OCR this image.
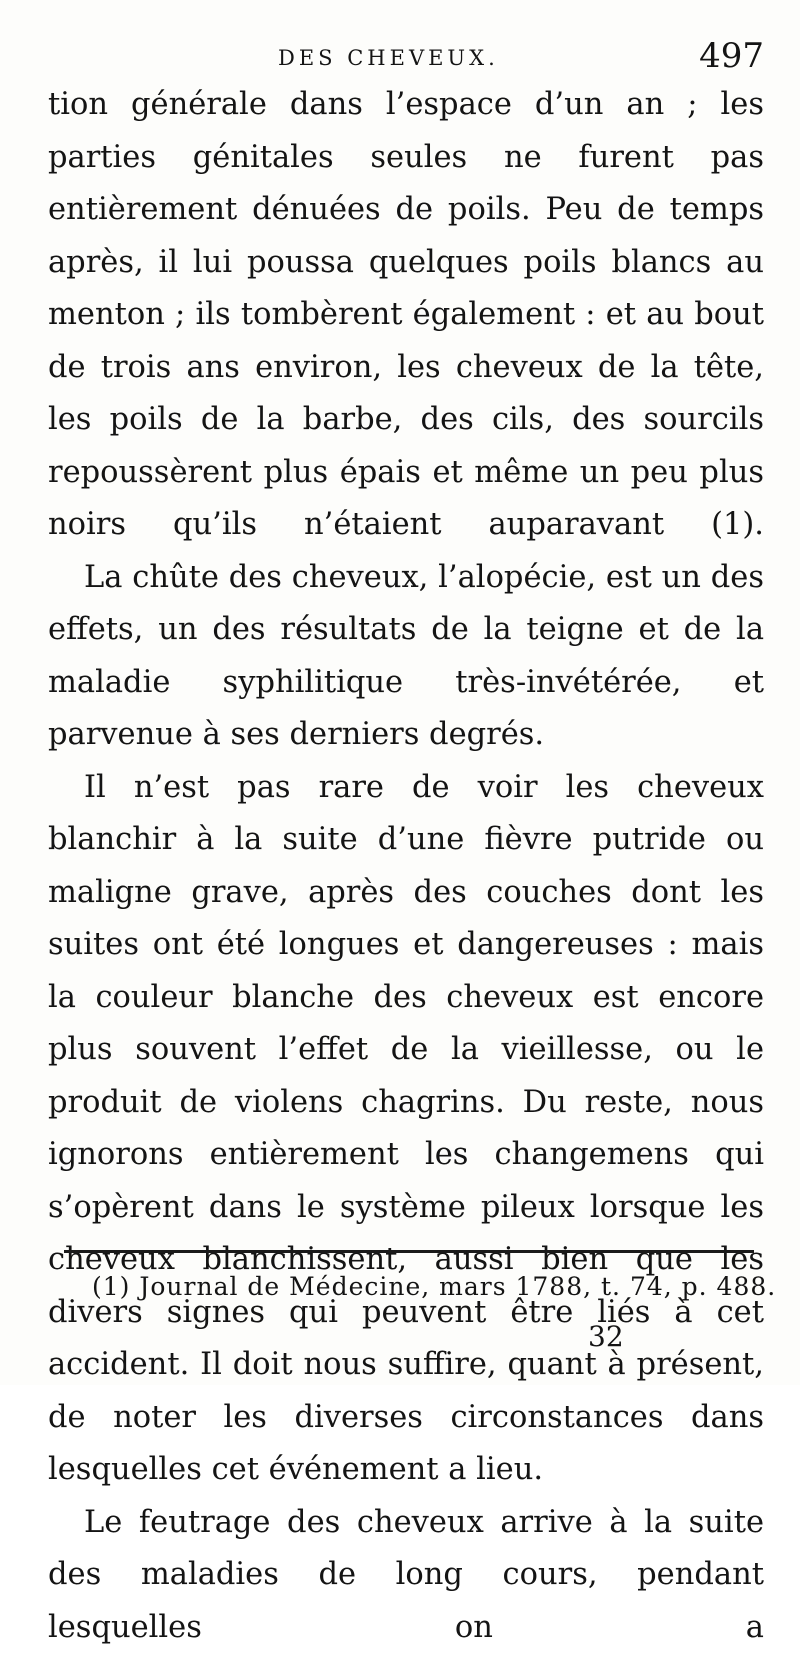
DES CHEVEUX.	497

tion générale dans l’espace d’un an ; les parties génitales seules ne furent pas entièrement dénuées de poils. Peu de temps après, il lui poussa quelques poils blancs au menton ; ils tombèrent également : et au bout de trois ans environ, les cheveux de la tête, les poils de la barbe, des cils, des sourcils repoussèrent plus épais et même un peu plus noirs qu’ils n’étaient auparavant (1).

La chûte des cheveux, l’alopécie, est un des effets, un des résultats de la teigne et de la maladie syphilitique très-invétérée, et parvenue à ses derniers degrés.

Il n’est pas rare de voir les cheveux blanchir à la suite d’une fièvre putride ou maligne grave, après des couches dont les suites ont été longues et dangereuses : mais la couleur blanche des cheveux est encore plus souvent l’effet de la vieillesse, ou le produit de violens chagrins. Du reste, nous ignorons entièrement les changemens qui s’opèrent dans le système pileux lorsque les cheveux blanchissent, aussi bien que les divers signes qui peuvent être liés à cet accident. Il doit nous suffire, quant à présent, de noter les diverses circonstances dans lesquelles cet événement a lieu.

Le feutrage des cheveux arrive à la suite des maladies de long cours, pendant lesquelles on a

(1) Journal de Médecine, mars 1788, t. 74, p. 488.
32
